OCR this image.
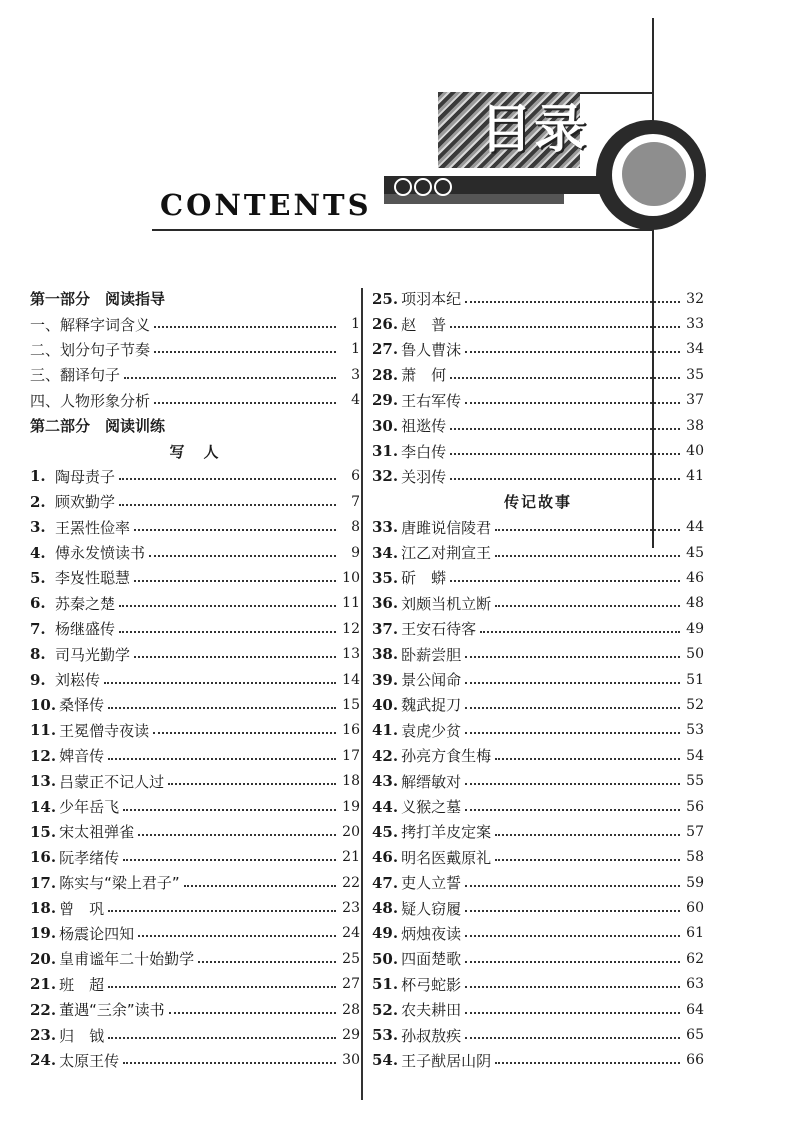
目录
CONTENTS
第一部分　阅读指导
一、解释字词含义	1
二、划分句子节奏	1
三、翻译句子	3
四、人物形象分析	4
第二部分　阅读训练
写　人
1. 陶母责子	6
2. 顾欢勤学	7
3. 王罴性俭率	8
4. 傅永发愤读书	9
5. 李岌性聪慧	10
6. 苏秦之楚	11
7. 杨继盛传	12
8. 司马光勤学	13
9. 刘崧传	14
10. 桑怿传	15
11. 王冕僧寺夜读	16
12. 婢音传	17
13. 吕蒙正不记人过	18
14. 少年岳飞	19
15. 宋太祖弹雀	20
16. 阮孝绪传	21
17. 陈实与“梁上君子”	22
18. 曾　巩	23
19. 杨震论四知	24
20. 皇甫谧年二十始勤学	25
21. 班　超	27
22. 董遇“三余”读书	28
23. 归　钺	29
24. 太原王传	30
25. 项羽本纪	32
26. 赵　普	33
27. 鲁人曹沫	34
28. 萧　何	35
29. 王右军传	37
30. 祖逖传	38
31. 李白传	40
32. 关羽传	41
传记故事
33. 唐雎说信陵君	44
34. 江乙对荆宣王	45
35. 斫　蟒	46
36. 刘颇当机立断	48
37. 王安石待客	49
38. 卧薪尝胆	50
39. 景公闻命	51
40. 魏武捉刀	52
41. 袁虎少贫	53
42. 孙亮方食生梅	54
43. 解缙敏对	55
44. 义猴之墓	56
45. 拷打羊皮定案	57
46. 明名医戴原礼	58
47. 吏人立誓	59
48. 疑人窃履	60
49. 炳烛夜读	61
50. 四面楚歌	62
51. 杯弓蛇影	63
52. 农夫耕田	64
53. 孙叔敖疾	65
54. 王子猷居山阴	66
